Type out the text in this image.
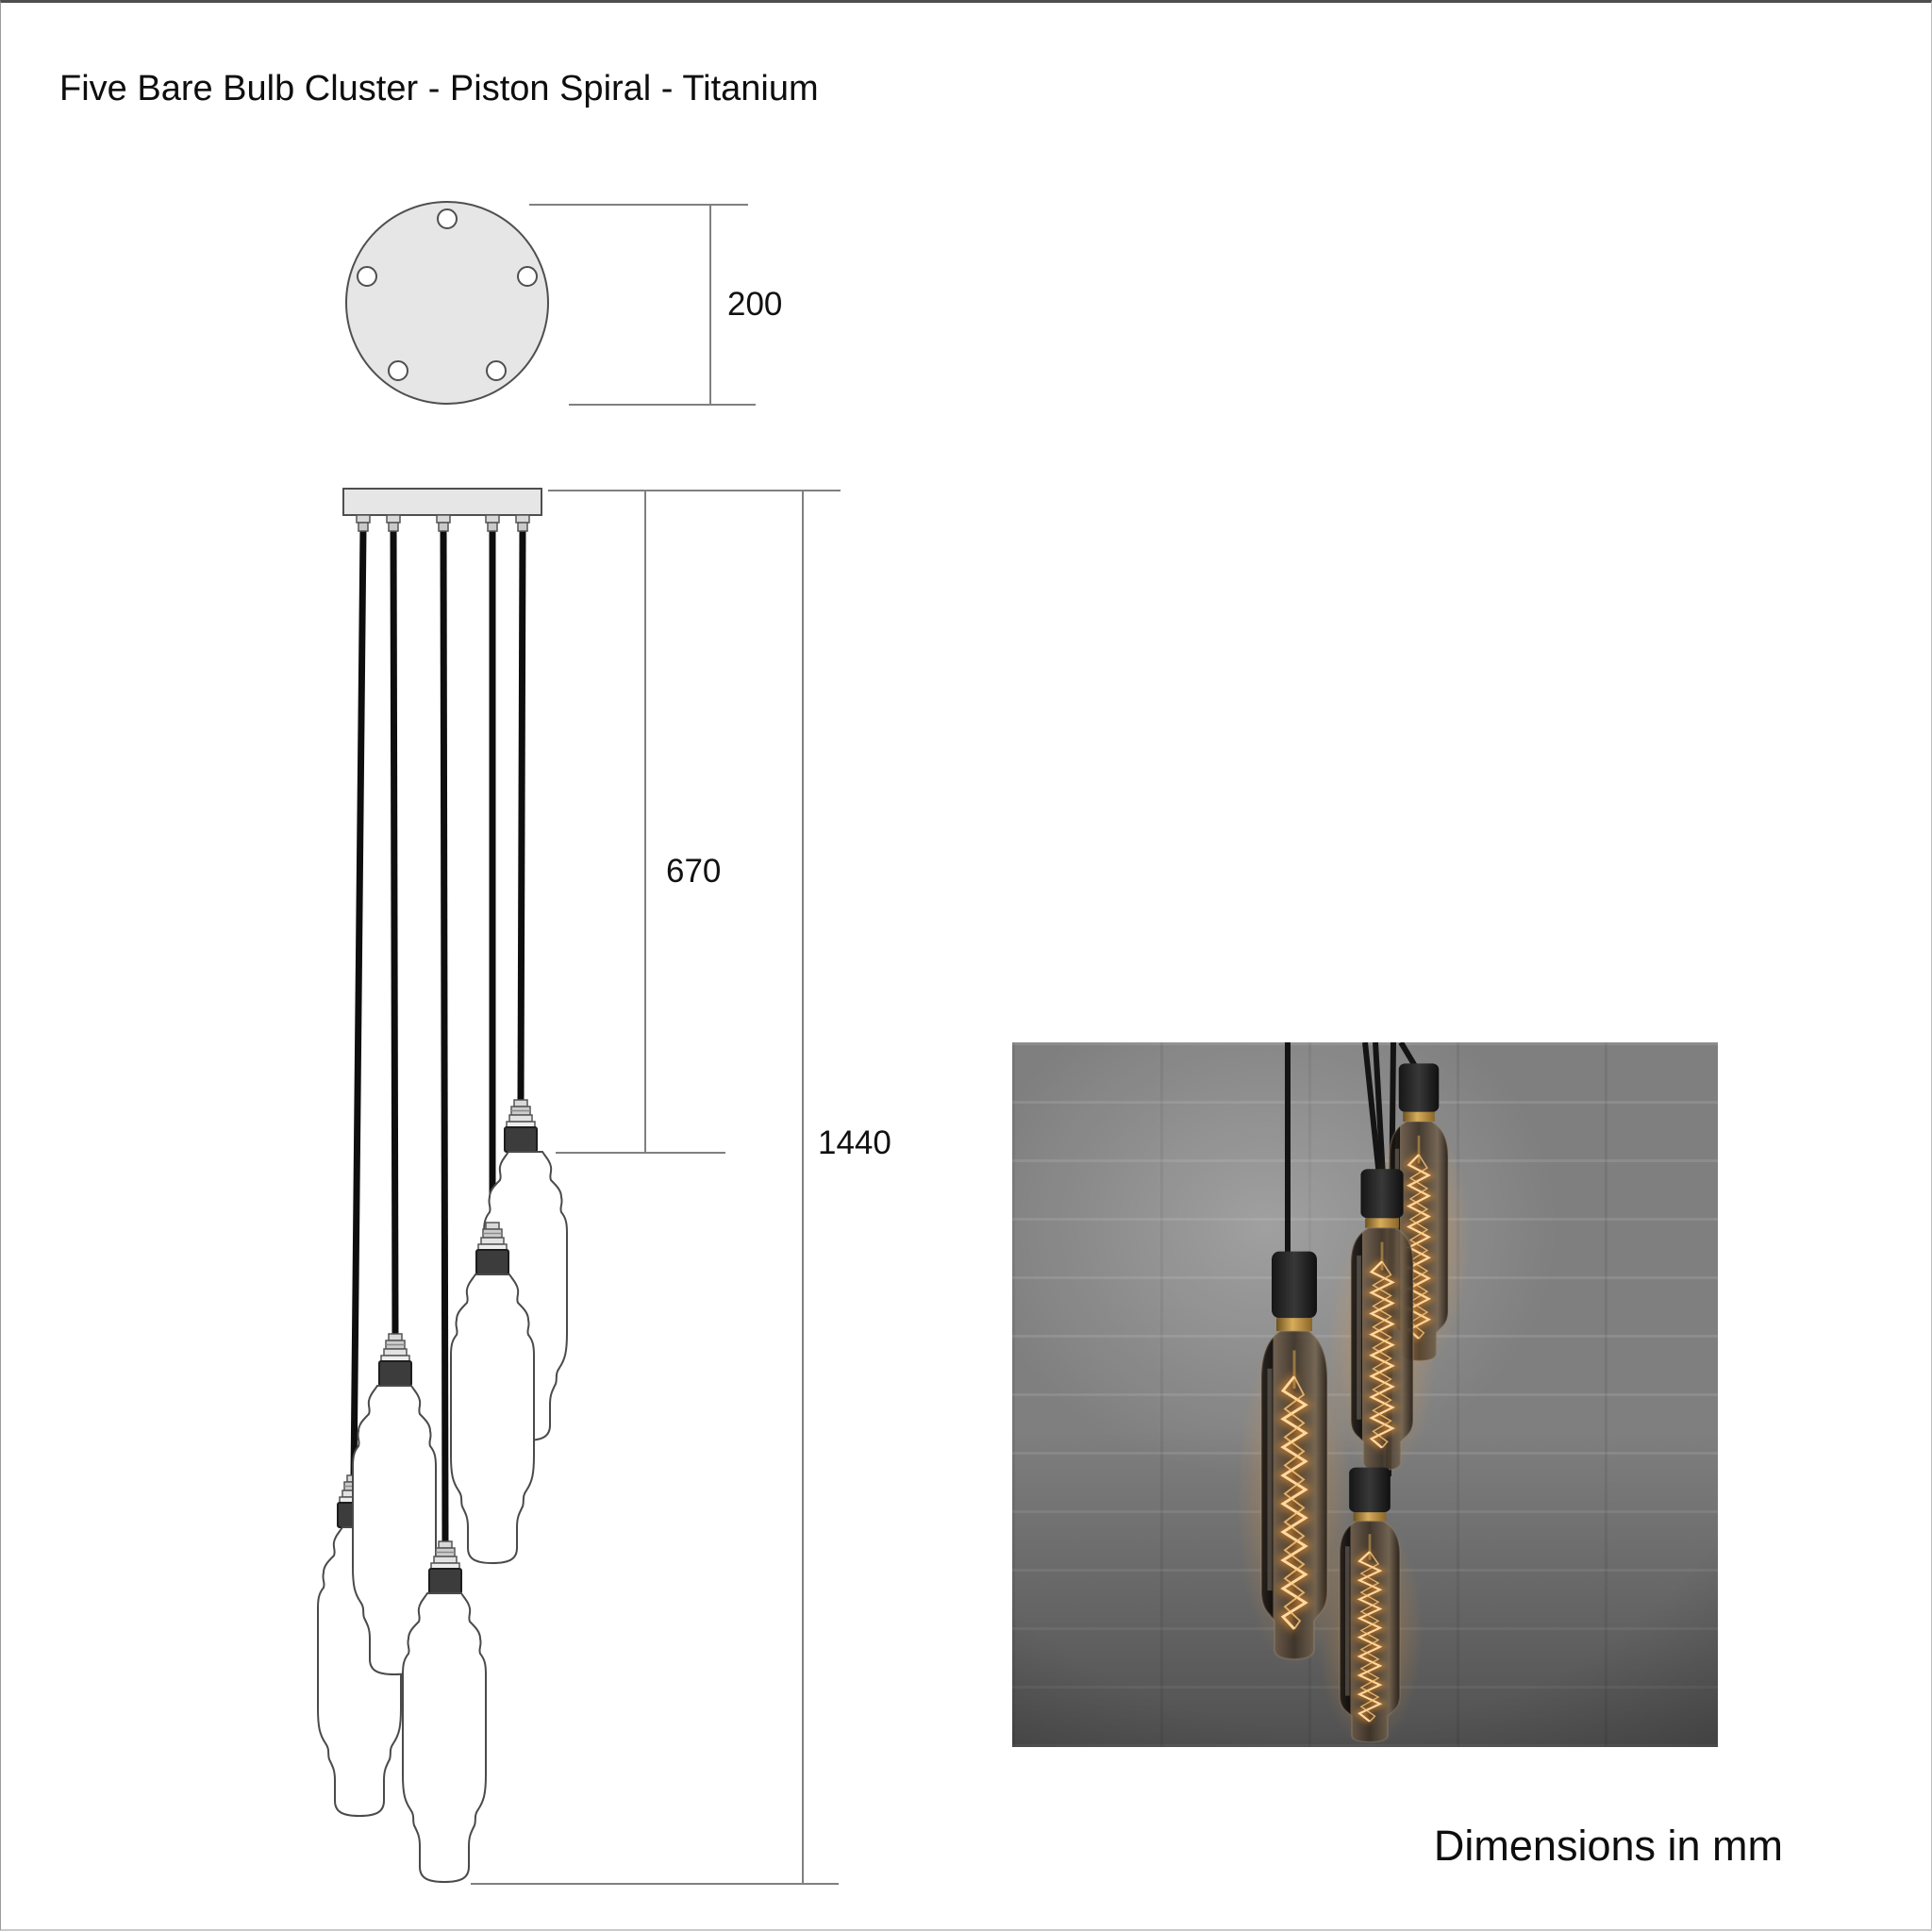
Five Bare Bulb Cluster - Piston Spiral - Titanium
200
670
1440
Dimensions in mm
